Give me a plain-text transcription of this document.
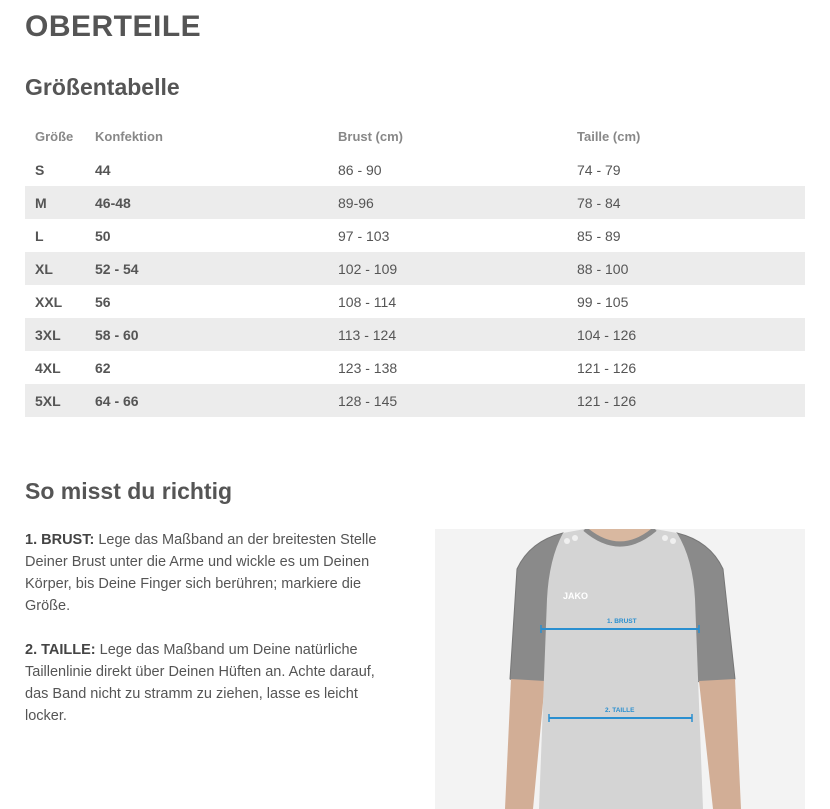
OBERTEILE
Größentabelle
Größe	Konfektion	Brust (cm)	Taille (cm)
S	44	86 - 90	74 - 79
M	46-48	89-96	78 - 84
L	50	97 - 103	85 - 89
XL	52 - 54	102 - 109	88 - 100
XXL	56	108 - 114	99 - 105
3XL	58 - 60	113 - 124	104 - 126
4XL	62	123 - 138	121 - 126
5XL	64 - 66	128 - 145	121 - 126
So misst du richtig

1. BRUST: Lege das Maßband an der breitesten Stelle Deiner Brust unter die Arme und wickle es um Deinen Körper, bis Deine Finger sich berühren; markiere die Größe.

2. TAILLE: Lege das Maßband um Deine natürliche Taillenlinie direkt über Deinen Hüften an. Achte darauf, das Band nicht zu stramm zu ziehen, lasse es leicht locker.

JAKO
1. BRUST
2. TAILLE
